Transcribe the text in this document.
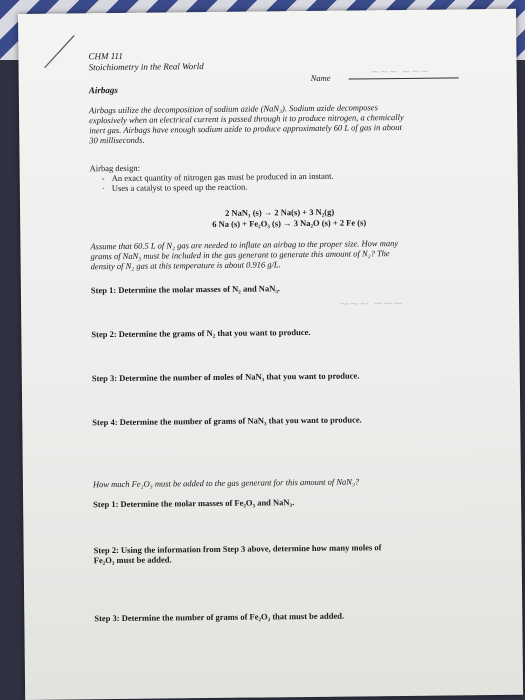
CHM 111
Stoichiometry in the Real World
Name	~~~ ~~~
Airbags
Airbags utilize the decomposition of sodium azide (NaN₃). Sodium azide decomposes
explosively when an electrical current is passed through it to produce nitrogen, a chemically
inert gas. Airbags have enough sodium azide to produce approximately 60 L of gas in about
30 milliseconds.
Airbag design:
- An exact quantity of nitrogen gas must be produced in an instant.
· Uses a catalyst to speed up the reaction.
2 NaN₃ (s) → 2 Na(s) + 3 N₂(g)
6 Na (s) + Fe₂O₃ (s) → 3 Na₂O (s) + 2 Fe (s)
Assume that 60.5 L of N₂ gas are needed to inflate an airbag to the proper size. How many
grams of NaN₃ must be included in the gas generant to generate this amount of N₂? The
density of N₂ gas at this temperature is about 0.916 g/L.
Step 1: Determine the molar masses of N₂ and NaN₃.
~~~ ~~~
Step 2: Determine the grams of N₂ that you want to produce.
Step 3: Determine the number of moles of NaN₃ that you want to produce.
Step 4: Determine the number of grams of NaN₃ that you want to produce.
How much Fe₂O₃ must be added to the gas generant for this amount of NaN₃?
Step 1: Determine the molar masses of Fe₂O₃ and NaN₃.
Step 2: Using the information from Step 3 above, determine how many moles of
Fe₂O₃ must be added.
Step 3: Determine the number of grams of Fe₂O₃ that must be added.
